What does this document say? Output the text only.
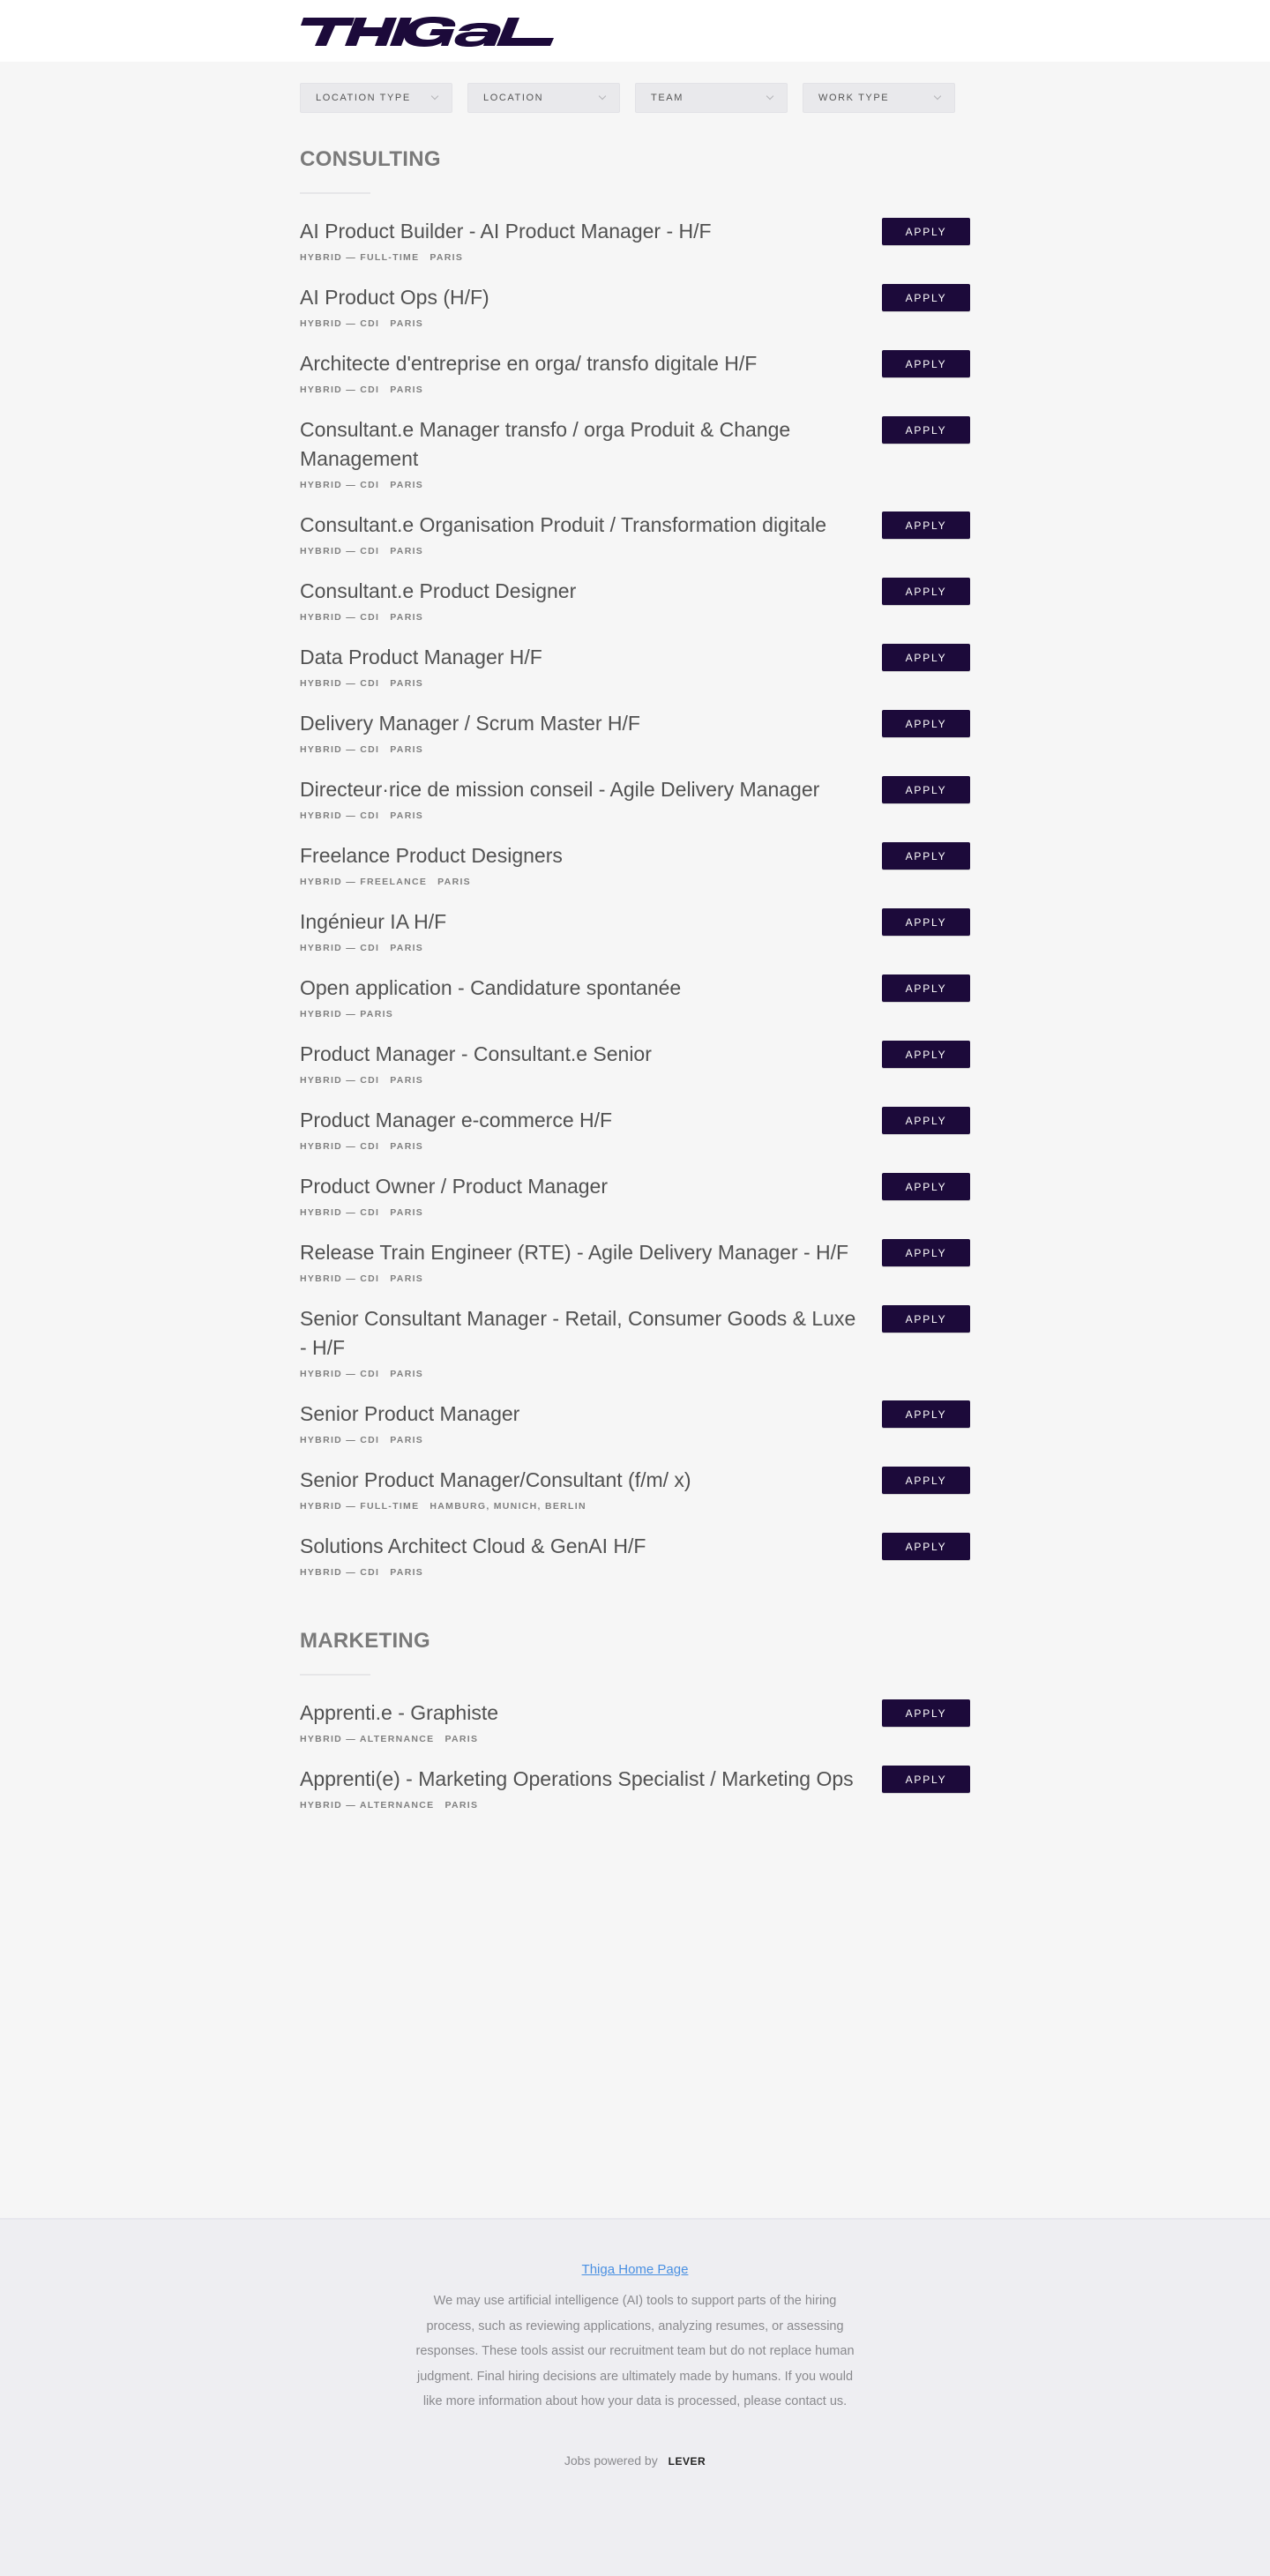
LOCATION TYPE	LOCATION	TEAM	WORK TYPE
CONSULTING
AI Product Builder - AI Product Manager - H/F
HYBRID — FULL-TIME PARIS
APPLY
AI Product Ops (H/F)
HYBRID — CDI PARIS
APPLY
Architecte d'entreprise en orga/ transfo digitale H/F
HYBRID — CDI PARIS
APPLY
Consultant.e Manager transfo / orga Produit & Change Management
HYBRID — CDI PARIS
APPLY
Consultant.e Organisation Produit / Transformation digitale
HYBRID — CDI PARIS
APPLY
Consultant.e Product Designer
HYBRID — CDI PARIS
APPLY
Data Product Manager H/F
HYBRID — CDI PARIS
APPLY
Delivery Manager / Scrum Master H/F
HYBRID — CDI PARIS
APPLY
Directeur·rice de mission conseil - Agile Delivery Manager
HYBRID — CDI PARIS
APPLY
Freelance Product Designers
HYBRID — FREELANCE PARIS
APPLY
Ingénieur IA H/F
HYBRID — CDI PARIS
APPLY
Open application - Candidature spontanée
HYBRID — PARIS
APPLY
Product Manager - Consultant.e Senior
HYBRID — CDI PARIS
APPLY
Product Manager e-commerce H/F
HYBRID — CDI PARIS
APPLY
Product Owner / Product Manager
HYBRID — CDI PARIS
APPLY
Release Train Engineer (RTE) - Agile Delivery Manager - H/F
HYBRID — CDI PARIS
APPLY
Senior Consultant Manager - Retail, Consumer Goods & Luxe - H/F
HYBRID — CDI PARIS
APPLY
Senior Product Manager
HYBRID — CDI PARIS
APPLY
Senior Product Manager/Consultant (f/m/ x)
HYBRID — FULL-TIME HAMBURG, MUNICH, BERLIN
APPLY
Solutions Architect Cloud & GenAI H/F
HYBRID — CDI PARIS
APPLY
MARKETING
Apprenti.e - Graphiste
HYBRID — ALTERNANCE PARIS
APPLY
Apprenti(e) - Marketing Operations Specialist / Marketing Ops
HYBRID — ALTERNANCE PARIS
APPLY
Thiga Home Page

We may use artificial intelligence (AI) tools to support parts of the hiring process, such as reviewing applications, analyzing resumes, or assessing responses. These tools assist our recruitment team but do not replace human judgment. Final hiring decisions are ultimately made by humans. If you would like more information about how your data is processed, please contact us.

Jobs powered by LEVER
